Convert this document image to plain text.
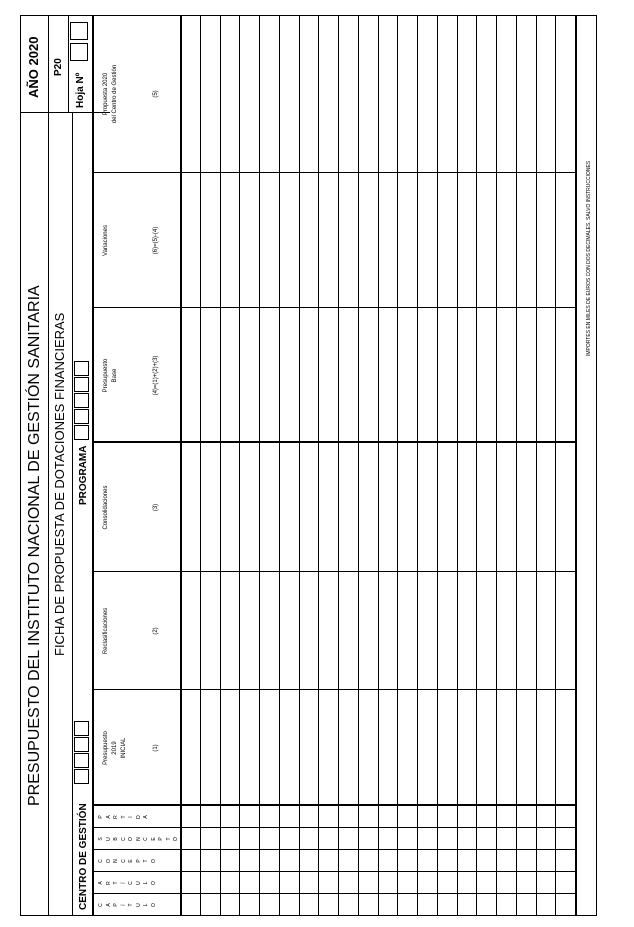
PRESUPUESTO DEL INSTITUTO NACIONAL DE GESTIÓN SANITARIA FICHA DE PROPUESTA DE DOTACIONES FINANCIERAS
AÑO 2020 P20
Hoja Nº
CENTRO DE GESTIÓN
PROGRAMA
C A P Í T U L O
A R T Í C U L O
C O N C E P T O
S U B C O N C E P T O
P A R T I D A
Presupuesto 2019 INICIAL	(1)
Reclasificaciones	(2)
Consolidaciones	(3)
Presupuesto Base	(4)=(1)+(2)+(3)
Variaciones	(6)=(5)-(4)
Propuesta 2020 del Centro de Gestión	(5)
IMPORTES EN MILES DE EUROS CON DOS DECIMALES, SALVO INSTRUCCIONES
